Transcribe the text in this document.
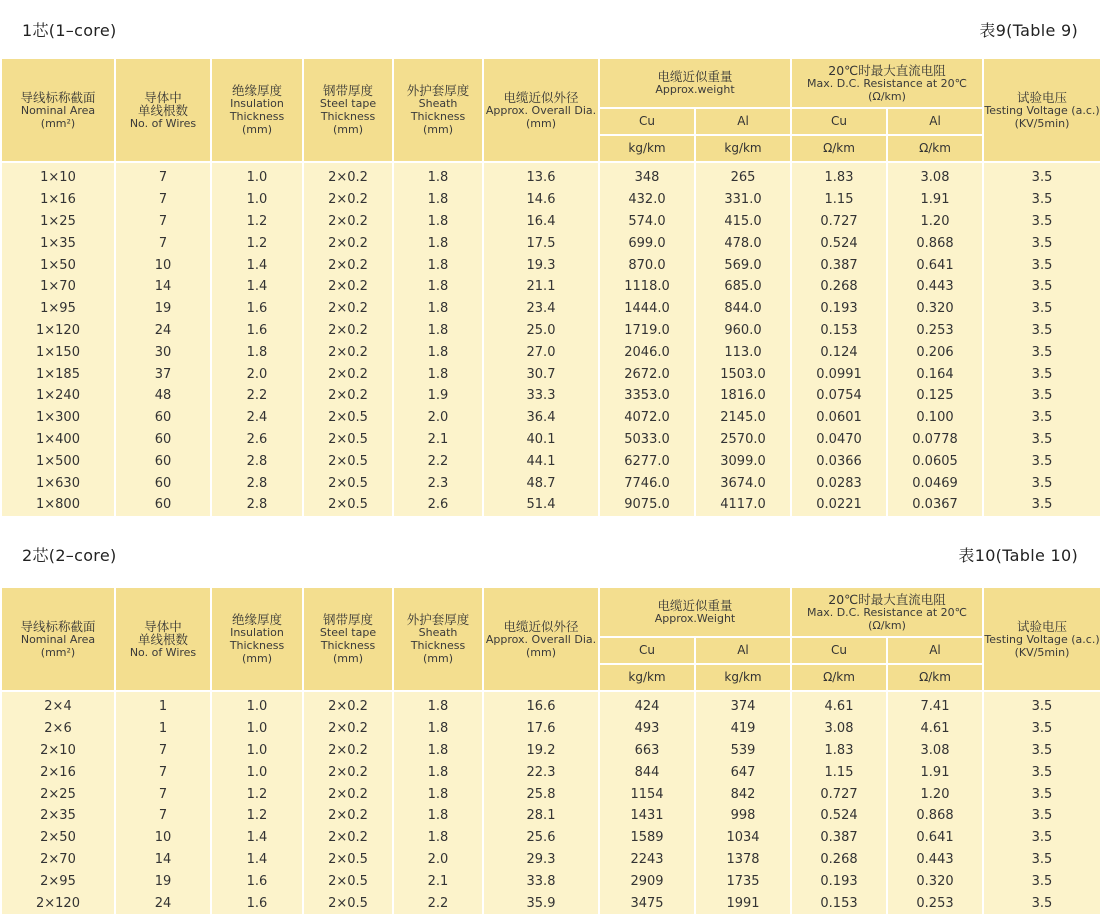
1芯(1–core)	表9(Table 9)
导线标称截面
Nominal Area
(mm²)	导体中
单线根数
No. of Wires	绝缘厚度
Insulation Thickness
(mm)	钢带厚度
Steel tape Thickness
(mm)	外护套厚度
Sheath Thickness
(mm)	电缆近似外径
Approx. Overall Dia.
(mm)	电缆近似重量
Approx.weight		20℃时最大直流电阻
Max. D.C. Resistance at 20℃
(Ω/km)		试验电压
Testing Voltage (a.c.)
(KV/5min)

						Cu	Al	Cu	Al	
						kg/km	kg/km	Ω/km	Ω/km	

1×10	7	1.0	2×0.2	1.8	13.6	348	265	1.83	3.08	3.5
1×16	7	1.0	2×0.2	1.8	14.6	432.0	331.0	1.15	1.91	3.5
1×25	7	1.2	2×0.2	1.8	16.4	574.0	415.0	0.727	1.20	3.5
1×35	7	1.2	2×0.2	1.8	17.5	699.0	478.0	0.524	0.868	3.5
1×50	10	1.4	2×0.2	1.8	19.3	870.0	569.0	0.387	0.641	3.5
1×70	14	1.4	2×0.2	1.8	21.1	1118.0	685.0	0.268	0.443	3.5
1×95	19	1.6	2×0.2	1.8	23.4	1444.0	844.0	0.193	0.320	3.5
1×120	24	1.6	2×0.2	1.8	25.0	1719.0	960.0	0.153	0.253	3.5
1×150	30	1.8	2×0.2	1.8	27.0	2046.0	113.0	0.124	0.206	3.5
1×185	37	2.0	2×0.2	1.8	30.7	2672.0	1503.0	0.0991	0.164	3.5
1×240	48	2.2	2×0.2	1.9	33.3	3353.0	1816.0	0.0754	0.125	3.5
1×300	60	2.4	2×0.5	2.0	36.4	4072.0	2145.0	0.0601	0.100	3.5
1×400	60	2.6	2×0.5	2.1	40.1	5033.0	2570.0	0.0470	0.0778	3.5
1×500	60	2.8	2×0.5	2.2	44.1	6277.0	3099.0	0.0366	0.0605	3.5
1×630	60	2.8	2×0.5	2.3	48.7	7746.0	3674.0	0.0283	0.0469	3.5
1×800	60	2.8	2×0.5	2.6	51.4	9075.0	4117.0	0.0221	0.0367	3.5
2芯(2–core)	表10(Table 10)
导线标称截面
Nominal Area
(mm²)	导体中
单线根数
No. of Wires	绝缘厚度
Insulation Thickness
(mm)	钢带厚度
Steel tape Thickness
(mm)	外护套厚度
Sheath Thickness
(mm)	电缆近似外径
Approx. Overall Dia.
(mm)	电缆近似重量
Approx.Weight		20℃时最大直流电阻
Max. D.C. Resistance at 20℃
(Ω/km)		试验电压
Testing Voltage (a.c.)
(KV/5min)

						Cu	Al	Cu	Al	
						kg/km	kg/km	Ω/km	Ω/km	

2×4	1	1.0	2×0.2	1.8	16.6	424	374	4.61	7.41	3.5
2×6	1	1.0	2×0.2	1.8	17.6	493	419	3.08	4.61	3.5
2×10	7	1.0	2×0.2	1.8	19.2	663	539	1.83	3.08	3.5
2×16	7	1.0	2×0.2	1.8	22.3	844	647	1.15	1.91	3.5
2×25	7	1.2	2×0.2	1.8	25.8	1154	842	0.727	1.20	3.5
2×35	7	1.2	2×0.2	1.8	28.1	1431	998	0.524	0.868	3.5
2×50	10	1.4	2×0.2	1.8	25.6	1589	1034	0.387	0.641	3.5
2×70	14	1.4	2×0.5	2.0	29.3	2243	1378	0.268	0.443	3.5
2×95	19	1.6	2×0.5	2.1	33.8	2909	1735	0.193	0.320	3.5
2×120	24	1.6	2×0.5	2.2	35.9	3475	1991	0.153	0.253	3.5
